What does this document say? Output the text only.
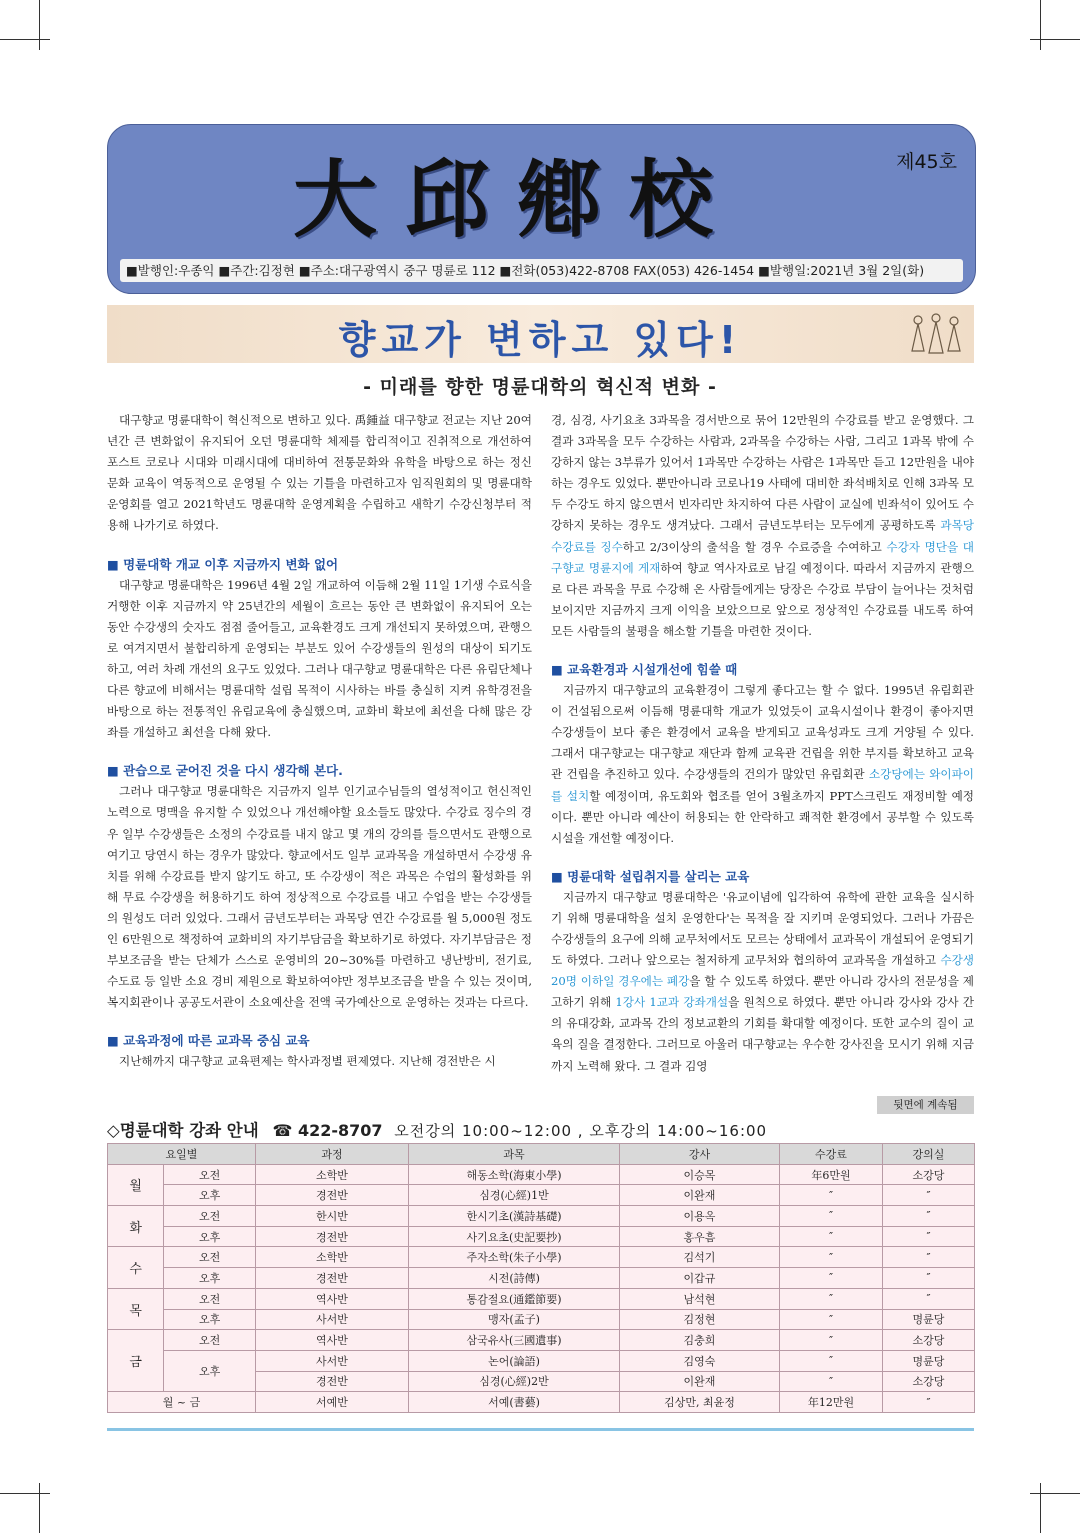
大邱鄕校	제45호
■발행인:우종익 ■주간:김정현 ■주소:대구광역시 중구 명륜로 112 ■전화(053)422-8708 FAX(053) 426-1454 ■발행일:2021년 3월 2일(화)
향교가 변하고 있다!
- 미래를 향한 명륜대학의 혁신적 변화 -

대구향교 명륜대학이 혁신적으로 변하고 있다. 禹鍾益 대구향교 전교는 지난 20여년간 큰 변화없이 유지되어 오던 명륜대학 체제를 합리적이고 진취적으로 개선하여 포스트 코로나 시대와 미래시대에 대비하여 전통문화와 유학을 바탕으로 하는 정신문화 교육이 역동적으로 운영될 수 있는 기틀을 마련하고자 임직원회의 및 명륜대학운영회를 열고 2021학년도 명륜대학 운영계획을 수립하고 새학기 수강신청부터 적용해 나가기로 하였다.

■ 명륜대학 개교 이후 지금까지 변화 없어

대구향교 명륜대학은 1996년 4월 2일 개교하여 이듬해 2월 11일 1기생 수료식을 거행한 이후 지금까지 약 25년간의 세월이 흐르는 동안 큰 변화없이 유지되어 오는 동안 수강생의 숫자도 점점 줄어들고, 교육환경도 크게 개선되지 못하였으며, 관행으로 여겨지면서 불합리하게 운영되는 부분도 있어 수강생들의 원성의 대상이 되기도 하고, 여러 차례 개선의 요구도 있었다. 그러나 대구향교 명륜대학은 다른 유림단체나 다른 향교에 비해서는 명륜대학 설립 목적이 시사하는 바를 충실히 지켜 유학경전을 바탕으로 하는 전통적인 유림교육에 충실했으며, 교화비 확보에 최선을 다해 많은 강좌를 개설하고 최선을 다해 왔다.

■ 관습으로 굳어진 것을 다시 생각해 본다.

그러나 대구향교 명륜대학은 지금까지 일부 인기교수님들의 열성적이고 헌신적인 노력으로 명맥을 유지할 수 있었으나 개선해야할 요소들도 많았다. 수강료 징수의 경우 일부 수강생들은 소정의 수강료를 내지 않고 몇 개의 강의를 들으면서도 관행으로 여기고 당연시 하는 경우가 많았다. 향교에서도 일부 교과목을 개설하면서 수강생 유치를 위해 수강료를 받지 않기도 하고, 또 수강생이 적은 과목은 수업의 활성화를 위해 무료 수강생을 허용하기도 하여 정상적으로 수강료를 내고 수업을 받는 수강생들의 원성도 더러 있었다. 그래서 금년도부터는 과목당 연간 수강료를 월 5,000원 정도인 6만원으로 책정하여 교화비의 자기부담금을 확보하기로 하였다. 자기부담금은 정부보조금을 받는 단체가 스스로 운영비의 20~30%를 마련하고 냉난방비, 전기료, 수도료 등 일반 소요 경비 제원으로 확보하여야만 정부보조금을 받을 수 있는 것이며, 복지회관이나 공공도서관이 소요예산을 전액 국가예산으로 운영하는 것과는 다르다.

■ 교육과정에 따른 교과목 중심 교육

지난해까지 대구향교 교육편제는 학사과정별 편제였다. 지난해 경전반은 시

경, 심경, 사기요초 3과목을 경서반으로 묶어 12만원의 수강료를 받고 운영했다. 그 결과 3과목을 모두 수강하는 사람과, 2과목을 수강하는 사람, 그리고 1과목 밖에 수강하지 않는 3부류가 있어서 1과목만 수강하는 사람은 1과목만 듣고 12만원을 내야하는 경우도 있었다. 뿐만아니라 코로나19 사태에 대비한 좌석배치로 인해 3과목 모두 수강도 하지 않으면서 빈자리만 차지하여 다른 사람이 교실에 빈좌석이 있어도 수강하지 못하는 경우도 생겨났다. 그래서 금년도부터는 모두에게 공평하도록 과목당 수강료를 징수하고 2/3이상의 출석을 할 경우 수료증을 수여하고 수강자 명단을 대구향교 명륜지에 게재하여 향교 역사자료로 남길 예정이다. 따라서 지금까지 관행으로 다른 과목을 무료 수강해 온 사람들에게는 당장은 수강료 부담이 늘어나는 것처럼 보이지만 지금까지 크게 이익을 보았으므로 앞으로 정상적인 수강료를 내도록 하여 모든 사람들의 불평을 해소할 기틀을 마련한 것이다.

■ 교육환경과 시설개선에 힘쓸 때

지금까지 대구향교의 교육환경이 그렇게 좋다고는 할 수 없다. 1995년 유림회관이 건설됨으로써 이듬해 명륜대학 개교가 있었듯이 교육시설이나 환경이 좋아지면 수강생들이 보다 좋은 환경에서 교육을 받게되고 교육성과도 크게 거양될 수 있다. 그래서 대구향교는 대구향교 재단과 함께 교육관 건립을 위한 부지를 확보하고 교육관 건립을 추진하고 있다. 수강생들의 건의가 많았던 유림회관 소강당에는 와이파이를 설치할 예정이며, 유도회와 협조를 얻어 3월초까지 PPT스크린도 재정비할 예정이다. 뿐만 아니라 예산이 허용되는 한 안락하고 쾌적한 환경에서 공부할 수 있도록 시설을 개선할 예정이다.

■ 명륜대학 설립취지를 살리는 교육

지금까지 대구향교 명륜대학은 '유교이념에 입각하여 유학에 관한 교육을 실시하기 위해 명륜대학을 설치 운영한다'는 목적을 잘 지키며 운영되었다. 그러나 가끔은 수강생들의 요구에 의해 교무처에서도 모르는 상태에서 교과목이 개설되어 운영되기도 하였다. 그러나 앞으로는 철저하게 교무처와 협의하여 교과목을 개설하고 수강생 20명 이하일 경우에는 폐강을 할 수 있도록 하였다. 뿐만 아니라 강사의 전문성을 제고하기 위해 1강사 1교과 강좌개설을 원칙으로 하였다. 뿐만 아니라 강사와 강사 간의 유대강화, 교과목 간의 정보교환의 기회를 확대할 예정이다. 또한 교수의 질이 교육의 질을 결정한다. 그러므로 아울러 대구향교는 우수한 강사진을 모시기 위해 지금까지 노력해 왔다. 그 결과 김영

뒷면에 계속됨
◇명륜대학 강좌 안내 ☎ 422-8707 오전강의 10:00~12:00 , 오후강의 14:00~16:00
요일별		과정	과목	강사	수강료	강의실
월	오전	소학반	해동소학(海東小學)	이승목	年6만원	소강당
	오후	경전반	심경(心經)1반	이완재	″	″
화	오전	한시반	한시기초(漢詩基礎)	이용옥	″	″
	오후	경전반	사기요초(史記要抄)	홍우흠	″	″
수	오전	소학반	주자소학(朱子小學)	김석기	″	″
	오후	경전반	시전(詩傳)	이갑규	″	″
목	오전	역사반	통감절요(通鑑節要)	남석현	″	″
	오후	사서반	맹자(孟子)	김정현	″	명륜당
금	오전	역사반	삼국유사(三國遺事)	김충희	″	소강당
	오후	사서반	논어(論語)	김영숙	″	명륜당
		경전반	심경(心經)2반	이완재	″	소강당
월 ~ 금		서예반	서예(書藝)	김상만, 최윤정	年12만원	″
